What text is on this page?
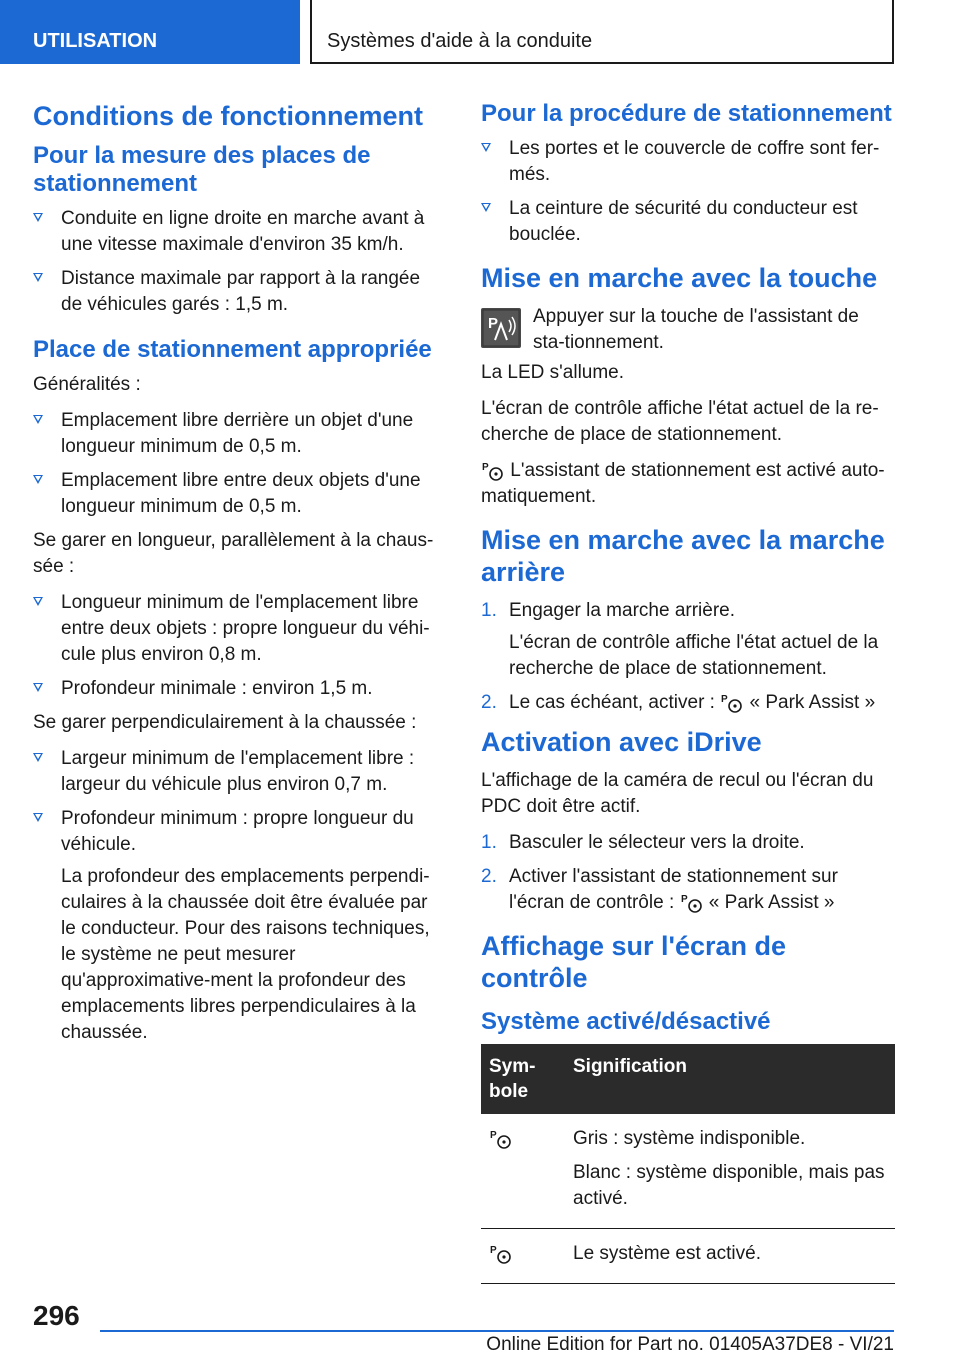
UTILISATION	Systèmes d'aide à la conduite
Conditions de fonctionnement
Pour la mesure des places de stationnement
Conduite en ligne droite en marche avant à une vitesse maximale d'environ 35 km/h.
Distance maximale par rapport à la rangée de véhicules garés : 1,5 m.
Place de stationnement appropriée

Généralités :

Emplacement libre derrière un objet d'une longueur minimum de 0,5 m.
Emplacement libre entre deux objets d'une longueur minimum de 0,5 m.

Se garer en longueur, parallèlement à la chaus-sée :

Longueur minimum de l'emplacement libre entre deux objets : propre longueur du véhi-cule plus environ 0,8 m.
Profondeur minimale : environ 1,5 m.

Se garer perpendiculairement à la chaussée :

Largeur minimum de l'emplacement libre : largeur du véhicule plus environ 0,7 m.
Profondeur minimum : propre longueur du véhicule.
La profondeur des emplacements perpendi-culaires à la chaussée doit être évaluée par le conducteur. Pour des raisons techniques, le système ne peut mesurer qu'approximative-ment la profondeur des emplacements libres perpendiculaires à la chaussée.
Pour la procédure de stationnement
Les portes et le couvercle de coffre sont fer-més.
La ceinture de sécurité du conducteur est bouclée.
Mise en marche avec la touche
P	Appuyer sur la touche de l'assistant de sta-tionnement.

La LED s'allume.

L'écran de contrôle affiche l'état actuel de la re-cherche de place de stationnement.

P L'assistant de stationnement est activé auto-matiquement.

Mise en marche avec la marche arrière
1. Engager la marche arrière.
L'écran de contrôle affiche l'état actuel de la recherche de place de stationnement.
2. Le cas échéant, activer : P « Park Assist »
Activation avec iDrive

L'affichage de la caméra de recul ou l'écran du PDC doit être actif.

1. Basculer le sélecteur vers la droite.
2. Activer l'assistant de stationnement sur l'écran de contrôle : P « Park Assist »
Affichage sur l'écran de contrôle
Système activé/désactivé
Sym-bole	Signification

P	Gris : système indisponible.

Blanc : système disponible, mais pas activé.

P	Le système est activé.

296
Online Edition for Part no. 01405A37DE8 - VI/21
